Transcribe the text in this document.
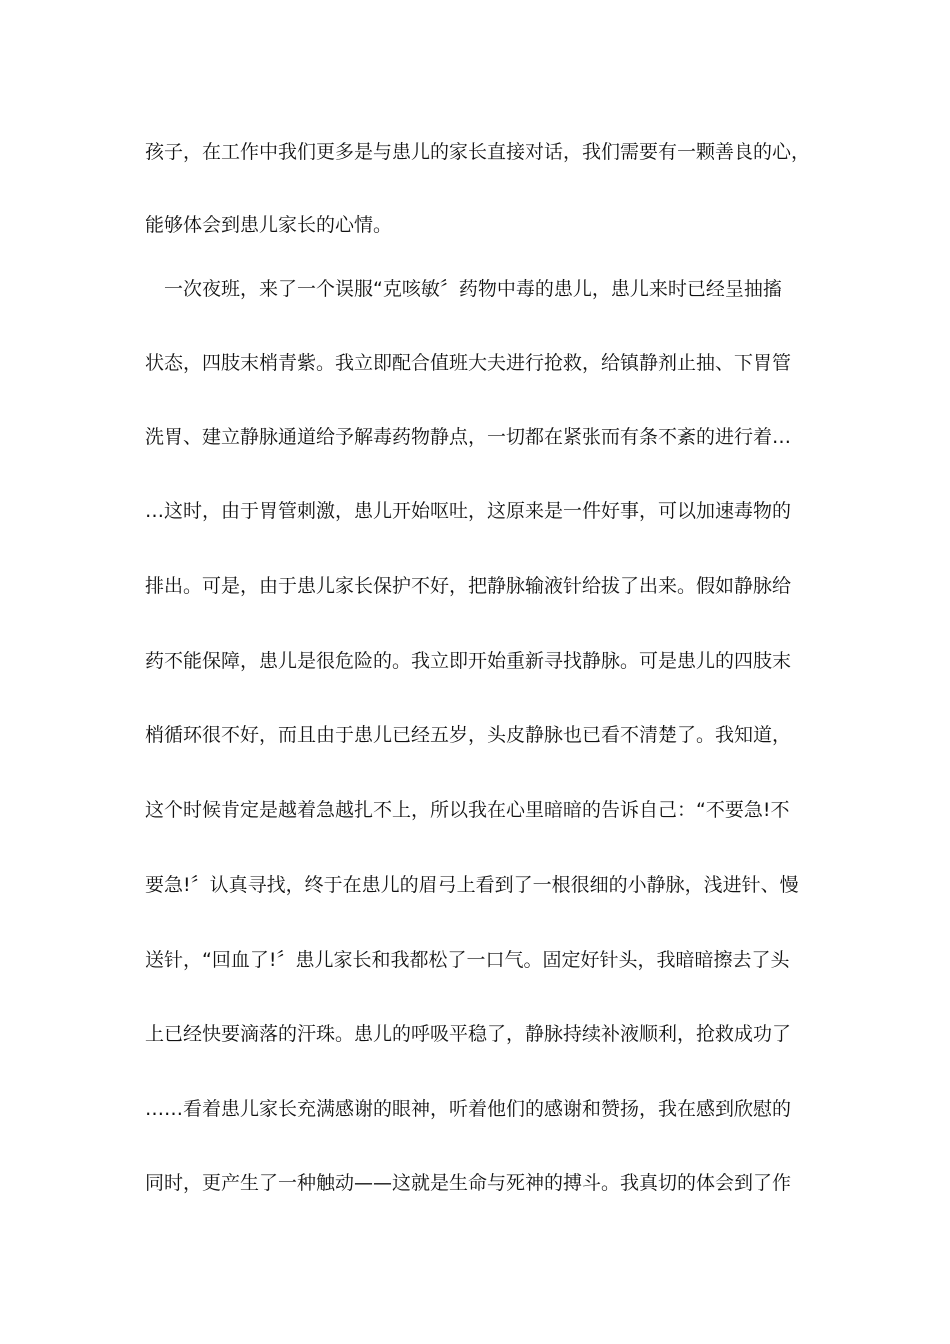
孩子，在工作中我们更多是与患儿的家长直接对话，我们需要有一颗善良的心，
能够体会到患儿家长的心情。
　一次夜班，来了一个误服“克咳敏〞药物中毒的患儿，患儿来时已经呈抽搐
状态，四肢末梢青紫。我立即配合值班大夫进行抢救，给镇静剂止抽、下胃管
洗胃、建立静脉通道给予解毒药物静点，一切都在紧张而有条不紊的进行着…
…这时，由于胃管刺激，患儿开始呕吐，这原来是一件好事，可以加速毒物的
排出。可是，由于患儿家长保护不好，把静脉输液针给拔了出来。假如静脉给
药不能保障，患儿是很危险的。我立即开始重新寻找静脉。可是患儿的四肢末
梢循环很不好，而且由于患儿已经五岁，头皮静脉也已看不清楚了。我知道，
这个时候肯定是越着急越扎不上，所以我在心里暗暗的告诉自己：“不要急!不
要急!〞认真寻找，终于在患儿的眉弓上看到了一根很细的小静脉，浅进针、慢
送针，“回血了!〞患儿家长和我都松了一口气。固定好针头，我暗暗擦去了头
上已经快要滴落的汗珠。患儿的呼吸平稳了，静脉持续补液顺利，抢救成功了
……看着患儿家长充满感谢的眼神，听着他们的感谢和赞扬，我在感到欣慰的
同时，更产生了一种触动——这就是生命与死神的搏斗。我真切的体会到了作
